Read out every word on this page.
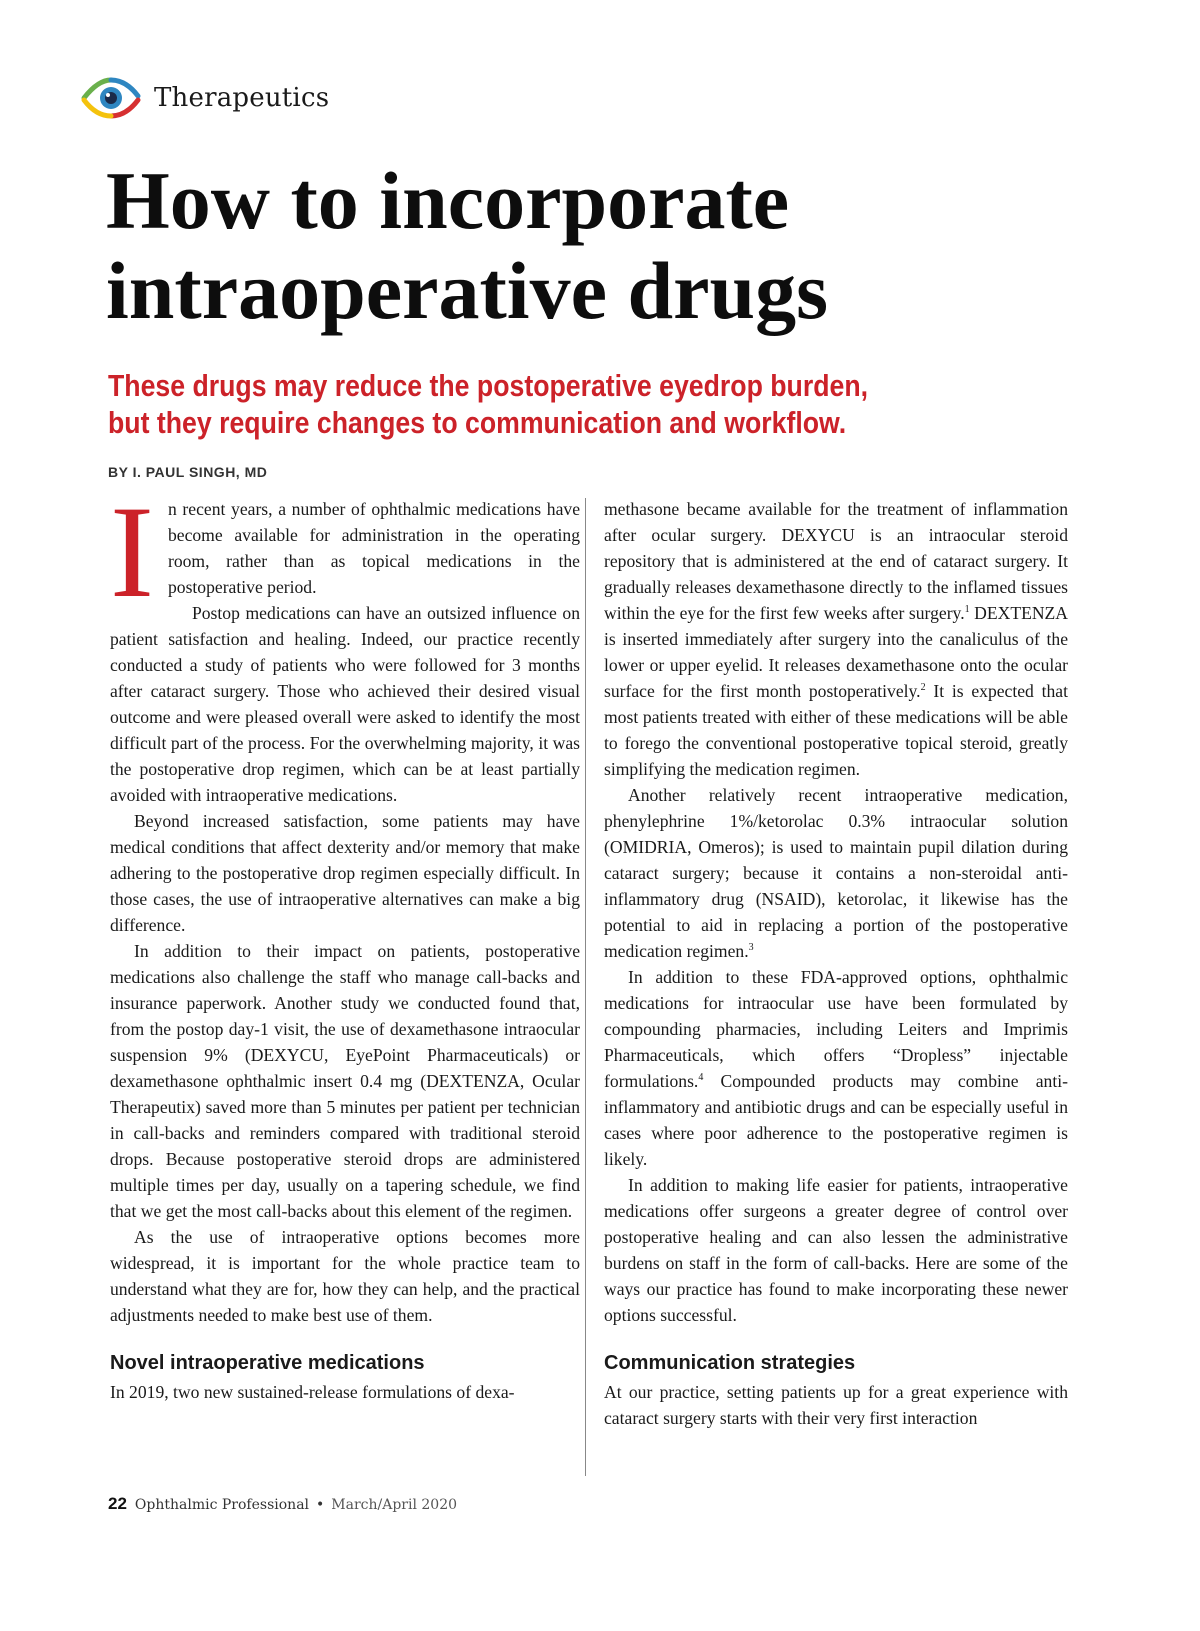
Therapeutics
How to incorporate
intraoperative drugs
These drugs may reduce the postoperative eyedrop burden,
but they require changes to communication and workflow.
BY I. PAUL SINGH, MD

In recent years, a number of ophthalmic medications have become available for administration in the operating room, rather than as topical medications in the postoperative period.

Postop medications can have an outsized influence on patient satisfaction and healing. Indeed, our practice recently conducted a study of patients who were followed for 3 months after cataract surgery. Those who achieved their desired visual outcome and were pleased overall were asked to identify the most difficult part of the process. For the overwhelming majority, it was the postoperative drop regimen, which can be at least partially avoided with intraoperative medications.

Beyond increased satisfaction, some patients may have medical conditions that affect dexterity and/or memory that make adhering to the postoperative drop regimen especially difficult. In those cases, the use of intraoperative alternatives can make a big difference.

In addition to their impact on patients, postoperative medications also challenge the staff who manage call-backs and insurance paperwork. Another study we conducted found that, from the postop day-1 visit, the use of dexamethasone intraocular suspension 9% (DEXYCU, EyePoint Pharmaceuticals) or dexamethasone ophthalmic insert 0.4 mg (DEXTENZA, Ocular Therapeutix) saved more than 5 minutes per patient per technician in call-backs and reminders compared with traditional steroid drops. Because postoperative steroid drops are administered multiple times per day, usually on a tapering schedule, we find that we get the most call-backs about this element of the regimen.

As the use of intraoperative options becomes more widespread, it is important for the whole practice team to understand what they are for, how they can help, and the practical adjustments needed to make best use of them.

Novel intraoperative medications

In 2019, two new sustained-release formulations of dexa-

methasone became available for the treatment of inflammation after ocular surgery. DEXYCU is an intraocular steroid repository that is administered at the end of cataract surgery. It gradually releases dexamethasone directly to the inflamed tissues within the eye for the first few weeks after surgery.$^1$ DEXTENZA is inserted immediately after surgery into the canaliculus of the lower or upper eyelid. It releases dexamethasone onto the ocular surface for the first month postoperatively.$^2$ It is expected that most patients treated with either of these medications will be able to forego the conventional postoperative topical steroid, greatly simplifying the medication regimen.

Another relatively recent intraoperative medication, phenylephrine 1%/ketorolac 0.3% intraocular solution (OMIDRIA, Omeros); is used to maintain pupil dilation during cataract surgery; because it contains a non-steroidal anti-inflammatory drug (NSAID), ketorolac, it likewise has the potential to aid in replacing a portion of the postoperative medication regimen.$^3$

In addition to these FDA-approved options, ophthalmic medications for intraocular use have been formulated by compounding pharmacies, including Leiters and Imprimis Pharmaceuticals, which offers “Dropless” injectable formulations.$^4$ Compounded products may combine anti-inflammatory and antibiotic drugs and can be especially useful in cases where poor adherence to the postoperative regimen is likely.

In addition to making life easier for patients, intraoperative medications offer surgeons a greater degree of control over postoperative healing and can also lessen the administrative burdens on staff in the form of call-backs. Here are some of the ways our practice has found to make incorporating these newer options successful.

Communication strategies

At our practice, setting patients up for a great experience with cataract surgery starts with their very first interaction

22 Ophthalmic Professional • March/April 2020
